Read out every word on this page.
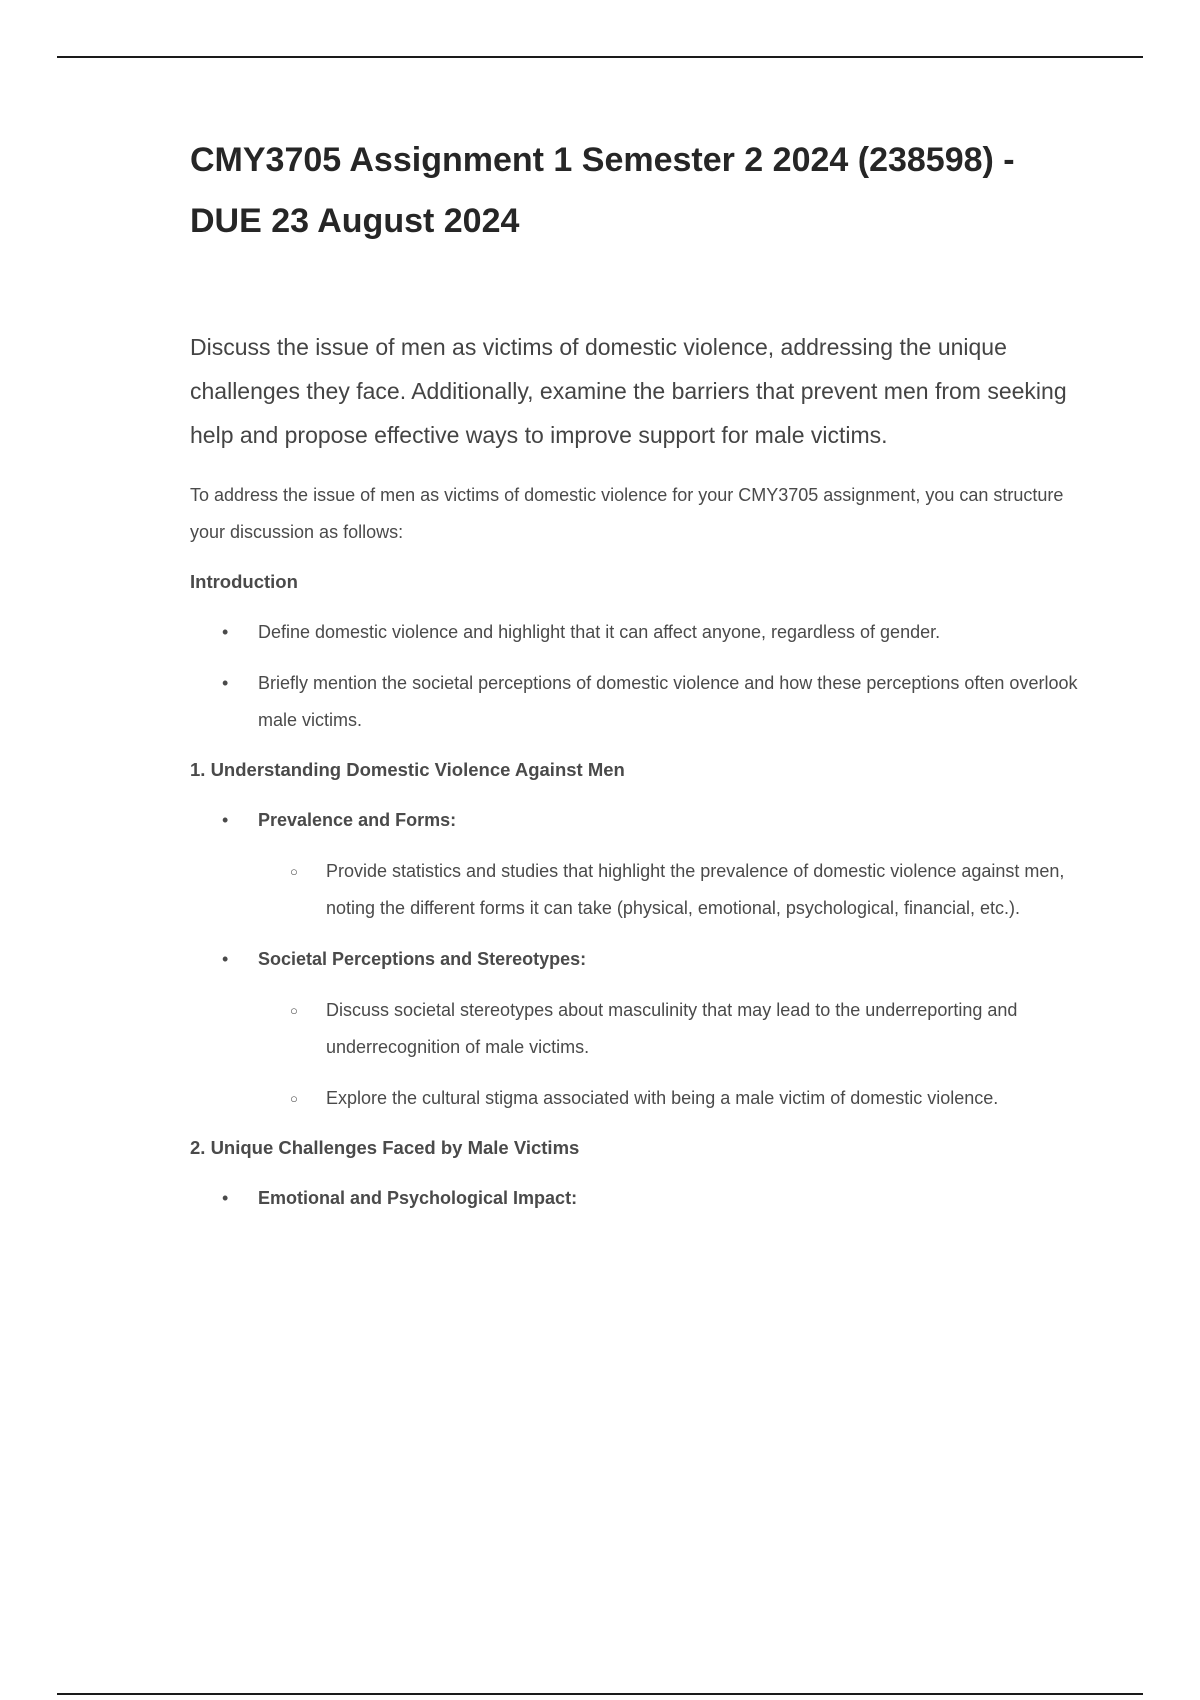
CMY3705 Assignment 1 Semester 2 2024 (238598) - DUE 23 August 2024

Discuss the issue of men as victims of domestic violence, addressing the unique challenges they face. Additionally, examine the barriers that prevent men from seeking help and propose effective ways to improve support for male victims.

To address the issue of men as victims of domestic violence for your CMY3705 assignment, you can structure your discussion as follows:

Introduction
• Define domestic violence and highlight that it can affect anyone, regardless of gender.
• Briefly mention the societal perceptions of domestic violence and how these perceptions often overlook male victims.
1. Understanding Domestic Violence Against Men
• Prevalence and Forms:
○ Provide statistics and studies that highlight the prevalence of domestic violence against men, noting the different forms it can take (physical, emotional, psychological, financial, etc.).
• Societal Perceptions and Stereotypes:
○ Discuss societal stereotypes about masculinity that may lead to the underreporting and underrecognition of male victims.
○ Explore the cultural stigma associated with being a male victim of domestic violence.
2. Unique Challenges Faced by Male Victims
• Emotional and Psychological Impact:
